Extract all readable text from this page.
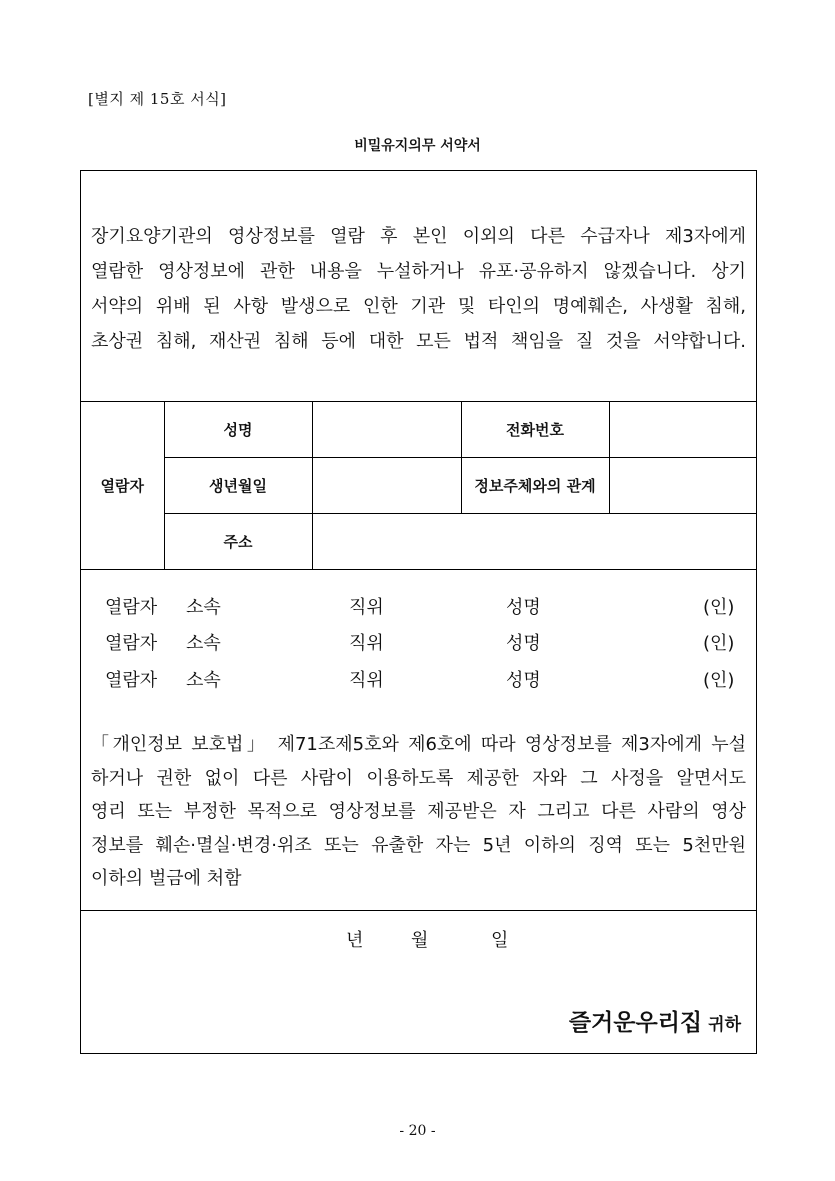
[별지 제 15호 서식]
비밀유지의무 서약서
장기요양기관의 영상정보를 열람 후 본인 이외의 다른 수급자나 제3자에게
열람한 영상정보에 관한 내용을 누설하거나 유포·공유하지 않겠습니다. 상기
서약의 위배 된 사항 발생으로 인한 기관 및 타인의 명예훼손, 사생활 침해,
초상권 침해, 재산권 침해 등에 대한 모든 법적 책임을 질 것을 서약합니다.
열람자	성명		전화번호	
	생년월일		정보주체와의 관계	
	주소			
열람자 소속	직위	성명	(인)
열람자 소속	직위	성명	(인)
열람자 소속	직위	성명	(인)

「개인정보 보호법」 제71조제5호와 제6호에 따라 영상정보를 제3자에게 누설

하거나 권한 없이 다른 사람이 이용하도록 제공한 자와 그 사정을 알면서도

영리 또는 부정한 목적으로 영상정보를 제공받은 자 그리고 다른 사람의 영상

정보를 훼손·멸실·변경·위조 또는 유출한 자는 5년 이하의 징역 또는 5천만원

이하의 벌금에 처함

년	월	일
즐거운우리집 귀하
- 20 -
